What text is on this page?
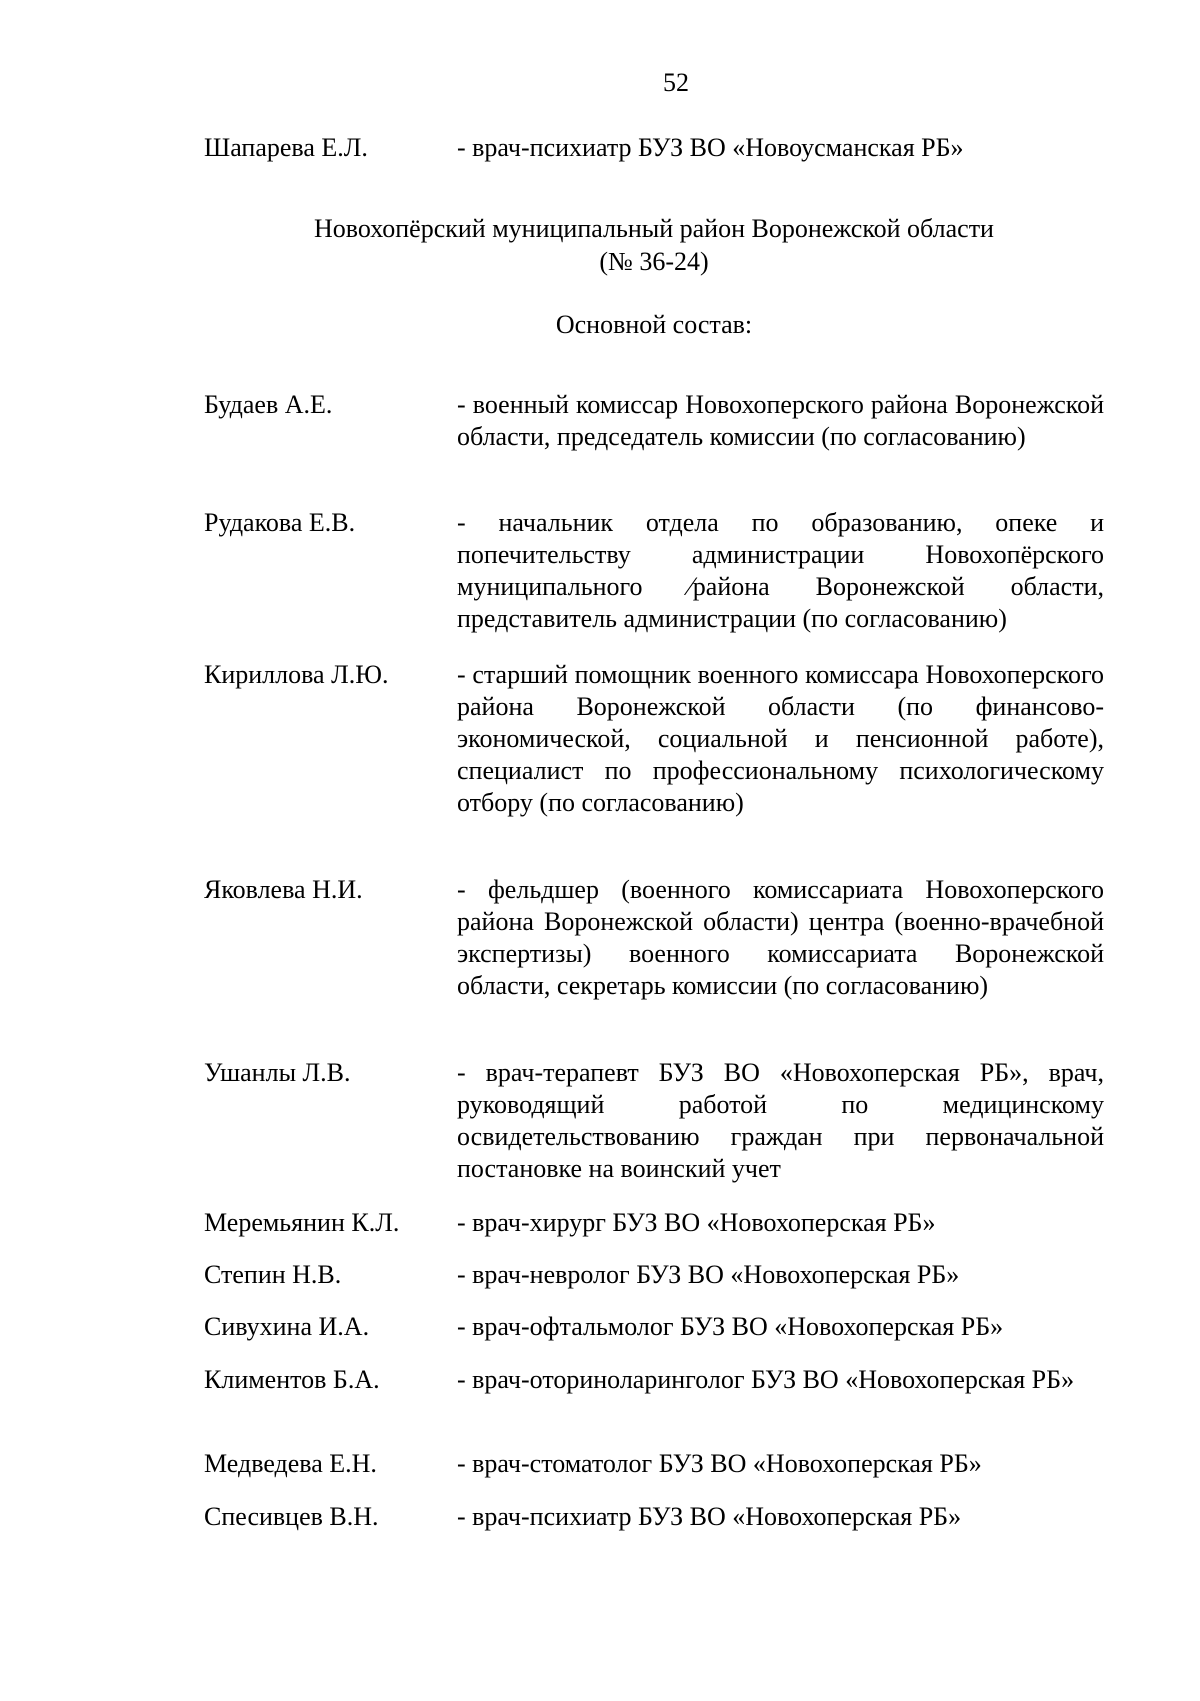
52
Шапарева Е.Л.	- врач-психиатр БУЗ ВО «Новоусманская РБ»
Новохопёрский муниципальный район Воронежской области
(№ 36-24)
Основной состав:
Будаев А.Е.	- военный комиссар Новохоперского района Воронежской области, председатель комиссии (по согласованию)
Рудакова Е.В.	- начальник отдела по образованию, опеке и попечительству администрации Новохопёрского муниципального ⁄района Воронежской области, представитель администрации (по согласованию)
Кириллова Л.Ю.	- старший помощник военного комиссара Новохоперского района Воронежской области (по финансово-экономической, социальной и пенсионной работе), специалист по профессиональному психологическому отбору (по согласованию)
Яковлева Н.И.	- фельдшер (военного комиссариата Новохоперского района Воронежской области) центра (военно-врачебной экспертизы) военного комиссариата Воронежской области, секретарь комиссии (по согласованию)
Ушанлы Л.В.	- врач-терапевт БУЗ ВО «Новохоперская РБ», врач, руководящий работой по медицинскому освидетельствованию граждан при первоначальной постановке на воинский учет
Меремьянин К.Л.	- врач-хирург БУЗ ВО «Новохоперская РБ»
Степин Н.В.	- врач-невролог БУЗ ВО «Новохоперская РБ»
Сивухина И.А.	- врач-офтальмолог БУЗ ВО «Новохоперская РБ»
Климентов Б.А.	- врач-оториноларинголог БУЗ ВО «Новохоперская РБ»
Медведева Е.Н.	- врач-стоматолог БУЗ ВО «Новохоперская РБ»
Спесивцев В.Н.	- врач-психиатр БУЗ ВО «Новохоперская РБ»
